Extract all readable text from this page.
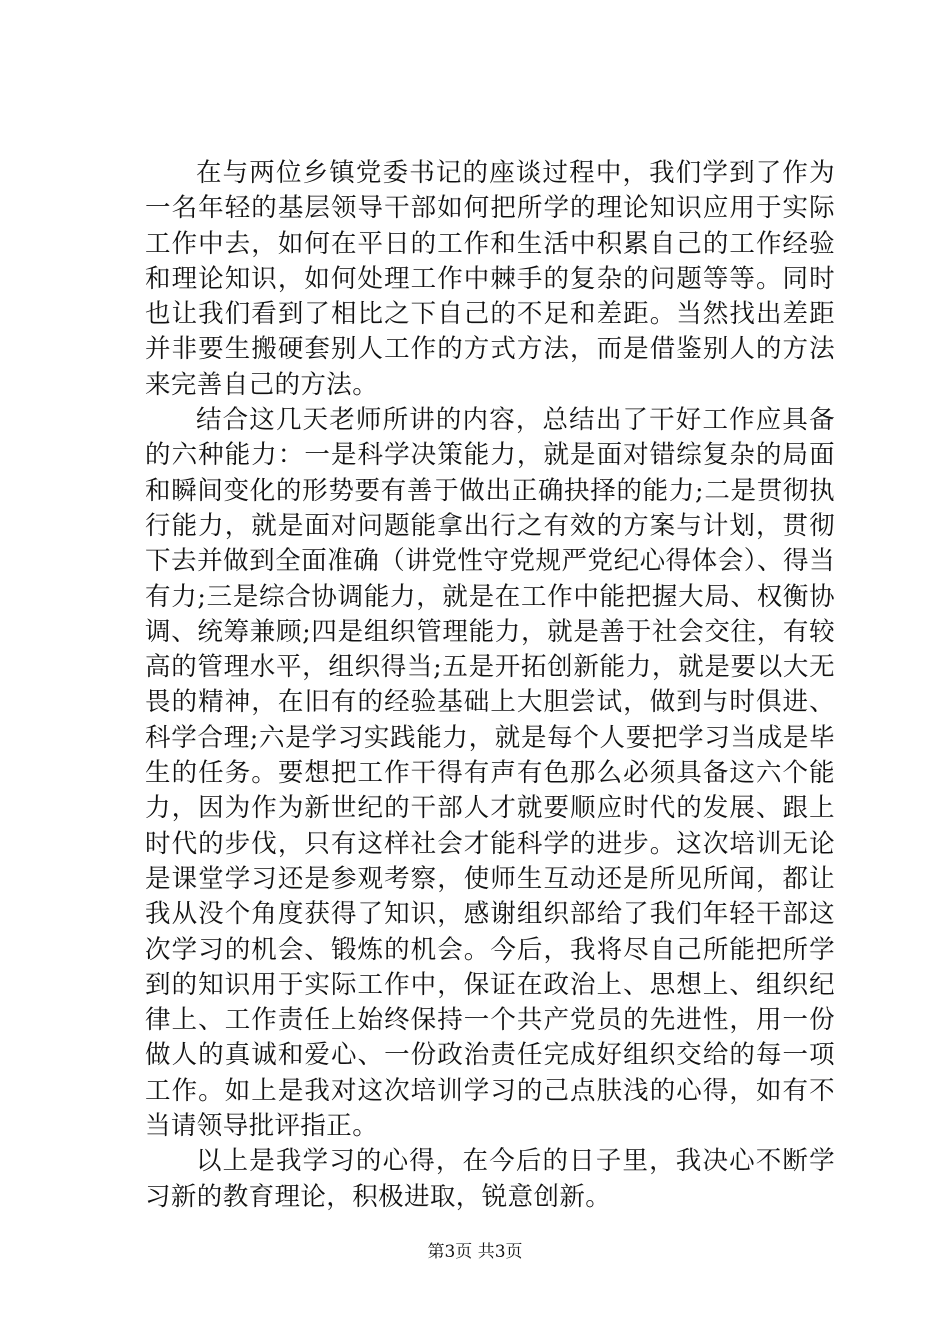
在与两位乡镇党委书记的座谈过程中，我们学到了作为一名年轻的基层领导干部如何把所学的理论知识应用于实际工作中去，如何在平日的工作和生活中积累自己的工作经验和理论知识，如何处理工作中棘手的复杂的问题等等。同时也让我们看到了相比之下自己的不足和差距。当然找出差距并非要生搬硬套别人工作的方式方法，而是借鉴别人的方法来完善自己的方法。

结合这几天老师所讲的内容，总结出了干好工作应具备的六种能力：一是科学决策能力，就是面对错综复杂的局面和瞬间变化的形势要有善于做出正确抉择的能力;二是贯彻执行能力，就是面对问题能拿出行之有效的方案与计划，贯彻下去并做到全面准确（讲党性守党规严党纪心得体会）、得当有力;三是综合协调能力，就是在工作中能把握大局、权衡协调、统筹兼顾;四是组织管理能力，就是善于社会交往，有较高的管理水平，组织得当;五是开拓创新能力，就是要以大无畏的精神，在旧有的经验基础上大胆尝试，做到与时俱进、科学合理;六是学习实践能力，就是每个人要把学习当成是毕生的任务。要想把工作干得有声有色那么必须具备这六个能力，因为作为新世纪的干部人才就要顺应时代的发展、跟上时代的步伐，只有这样社会才能科学的进步。这次培训无论是课堂学习还是参观考察，使师生互动还是所见所闻，都让我从没个角度获得了知识，感谢组织部给了我们年轻干部这次学习的机会、锻炼的机会。今后，我将尽自己所能把所学到的知识用于实际工作中，保证在政治上、思想上、组织纪律上、工作责任上始终保持一个共产党员的先进性，用一份做人的真诚和爱心、一份政治责任完成好组织交给的每一项工作。如上是我对这次培训学习的己点肤浅的心得，如有不当请领导批评指正。

以上是我学习的心得，在今后的日子里，我决心不断学习新的教育理论，积极进取，锐意创新。

第3页 共3页
